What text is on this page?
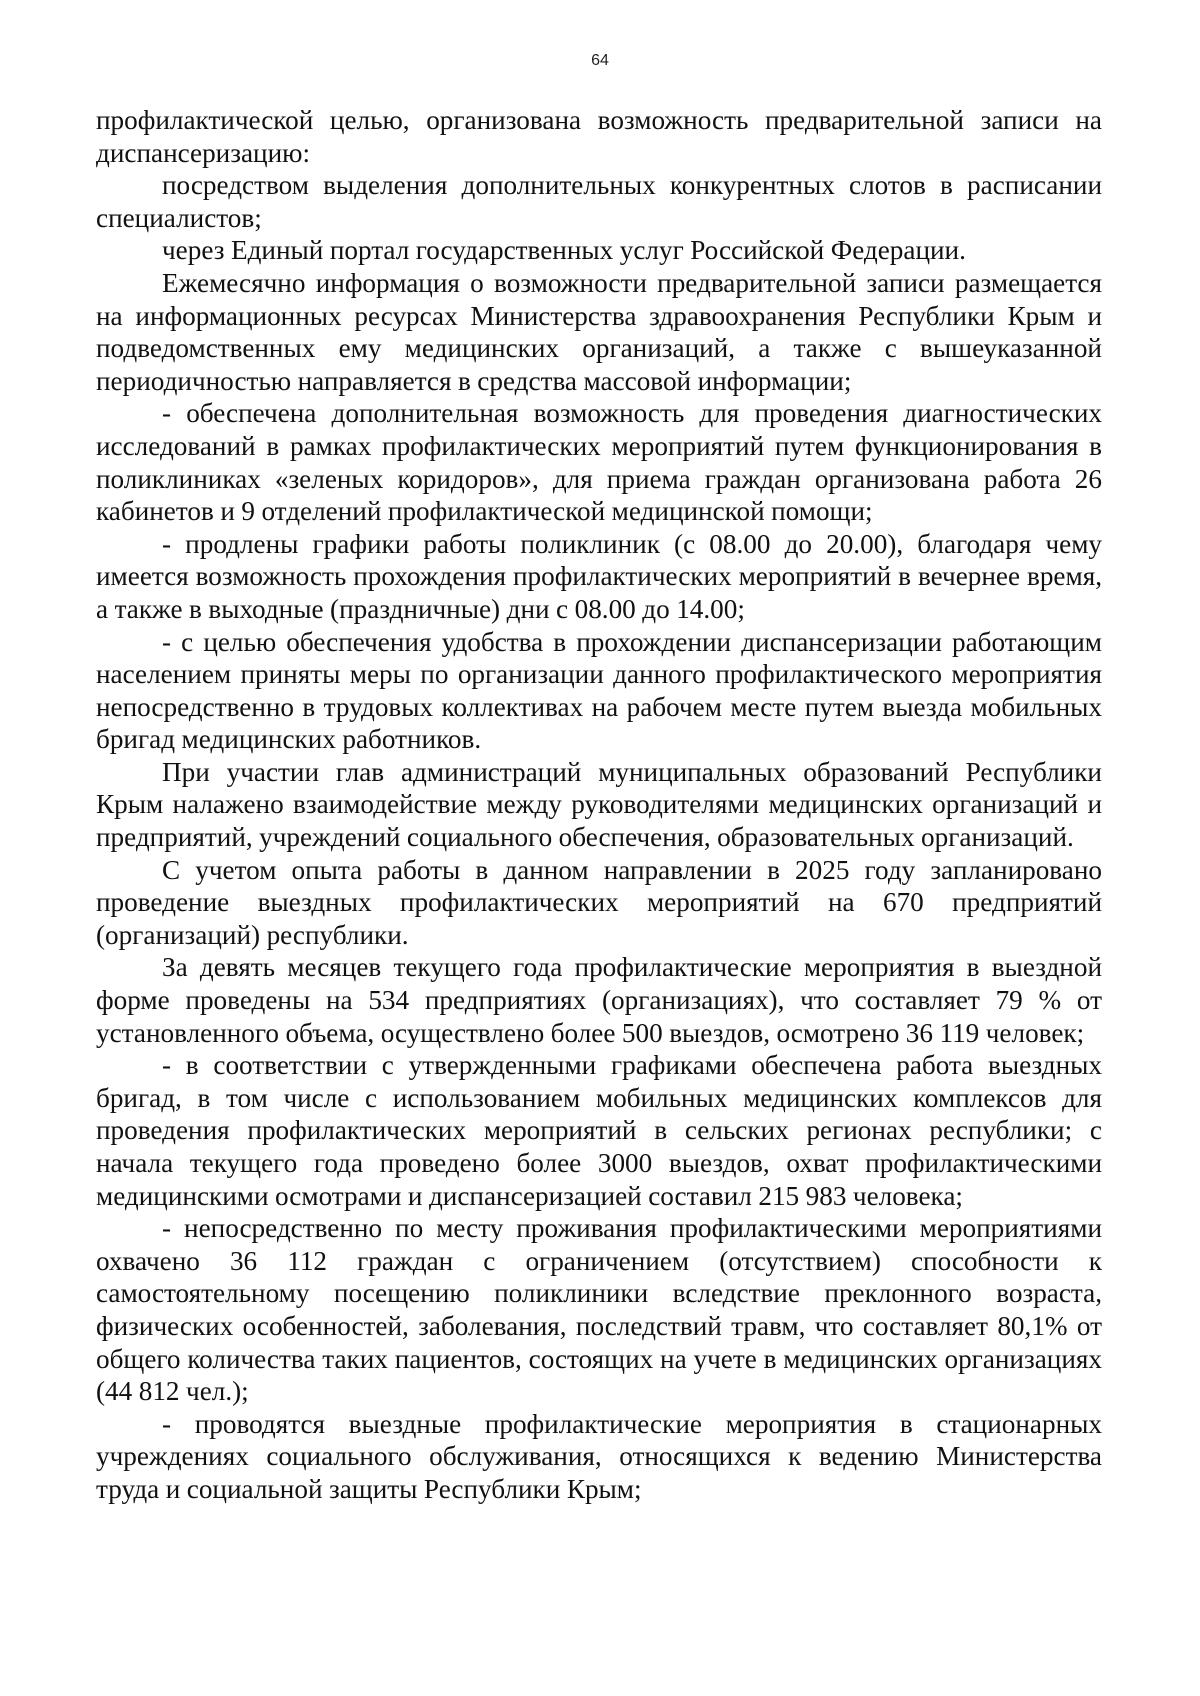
64

профилактической целью, организована возможность предварительной записи на диспансеризацию:

посредством выделения дополнительных конкурентных слотов в расписании специалистов;

через Единый портал государственных услуг Российской Федерации.

Ежемесячно информация о возможности предварительной записи размещается на информационных ресурсах Министерства здравоохранения Республики Крым и подведомственных ему медицинских организаций, а также с вышеуказанной периодичностью направляется в средства массовой информации;

- обеспечена дополнительная возможность для проведения диагностических исследований в рамках профилактических мероприятий путем функционирования в поликлиниках «зеленых коридоров», для приема граждан организована работа 26 кабинетов и 9 отделений профилактической медицинской помощи;

- продлены графики работы поликлиник (с 08.00 до 20.00), благодаря чему имеется возможность прохождения профилактических мероприятий в вечернее время, а также в выходные (праздничные) дни с 08.00 до 14.00;

- с целью обеспечения удобства в прохождении диспансеризации работающим населением приняты меры по организации данного профилактического мероприятия непосредственно в трудовых коллективах на рабочем месте путем выезда мобильных бригад медицинских работников.

При участии глав администраций муниципальных образований Республики Крым налажено взаимодействие между руководителями медицинских организаций и предприятий, учреждений социального обеспечения, образовательных организаций.

С учетом опыта работы в данном направлении в 2025 году запланировано проведение выездных профилактических мероприятий на 670 предприятий (организаций) республики.

За девять месяцев текущего года профилактические мероприятия в выездной форме проведены на 534 предприятиях (организациях), что составляет 79 % от установленного объема, осуществлено более 500 выездов, осмотрено 36 119 человек;

- в соответствии с утвержденными графиками обеспечена работа выездных бригад, в том числе с использованием мобильных медицинских комплексов для проведения профилактических мероприятий в сельских регионах республики; с начала текущего года проведено более 3000 выездов, охват профилактическими медицинскими осмотрами и диспансеризацией составил 215 983 человека;

- непосредственно по месту проживания профилактическими мероприятиями охвачено 36 112 граждан с ограничением (отсутствием) способности к самостоятельному посещению поликлиники вследствие преклонного возраста, физических особенностей, заболевания, последствий травм, что составляет 80,1% от общего количества таких пациентов, состоящих на учете в медицинских организациях (44 812 чел.);

- проводятся выездные профилактические мероприятия в стационарных учреждениях социального обслуживания, относящихся к ведению Министерства труда и социальной защиты Республики Крым;
